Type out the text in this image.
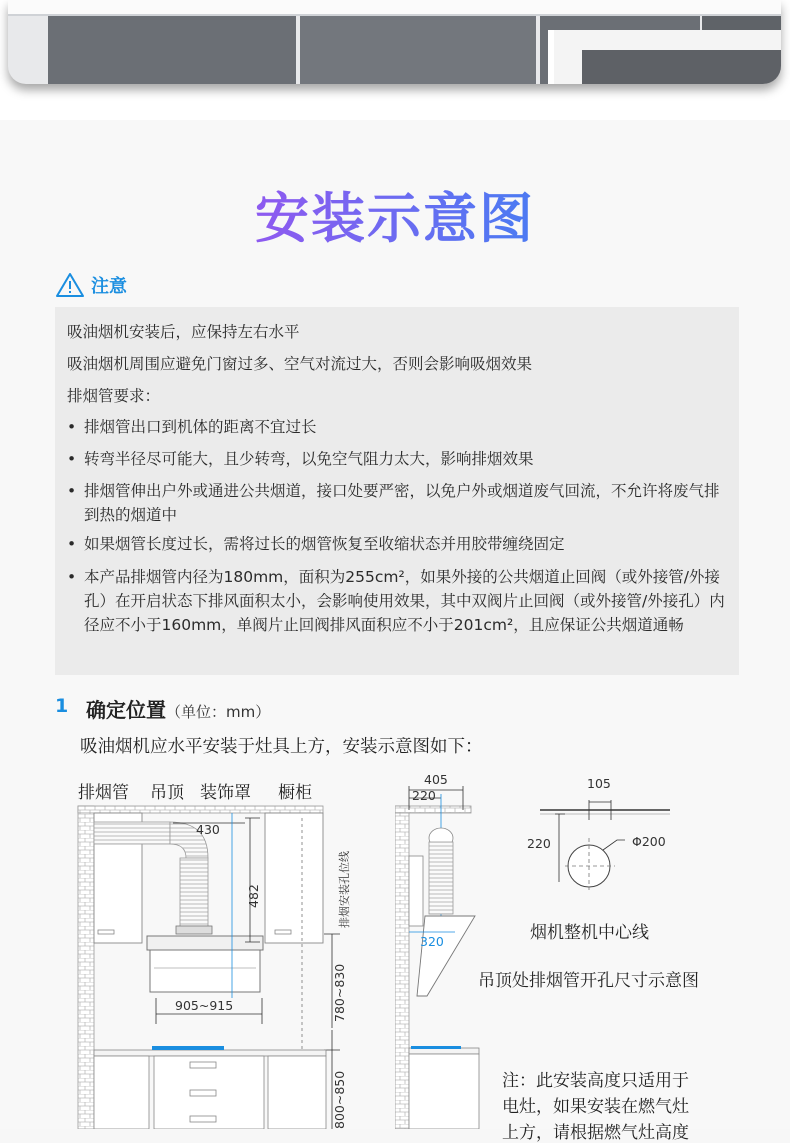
安装示意图
注意
吸油烟机安装后，应保持左右水平
吸油烟机周围应避免门窗过多、空气对流过大，否则会影响吸烟效果
排烟管要求：
• 排烟管出口到机体的距离不宜过长
• 转弯半径尽可能大，且少转弯，以免空气阻力太大，影响排烟效果
• 排烟管伸出户外或通进公共烟道，接口处要严密，以免户外或烟道废气回流，不允许将废气排到热的烟道中
• 如果烟管长度过长，需将过长的烟管恢复至收缩状态并用胶带缠绕固定
• 本产品排烟管内径为180mm，面积为255cm²，如果外接的公共烟道止回阀（或外接管/外接孔）在开启状态下排风面积太小，会影响使用效果，其中双阀片止回阀（或外接管/外接孔）内径应不小于160mm，单阀片止回阀排风面积应不小于201cm²，且应保证公共烟道通畅
1 确定位置（单位：mm）
吸油烟机应水平安装于灶具上方，安装示意图如下：
排烟管 吊顶 装饰罩 橱柜
430
482
905~915	780~830
800~850
排烟安装孔位线
405
220
320
105
220	Φ200
烟机整机中心线
吊顶处排烟管开孔尺寸示意图
注：此安装高度只适用于
电灶，如果安装在燃气灶
上方，请根据燃气灶高度
